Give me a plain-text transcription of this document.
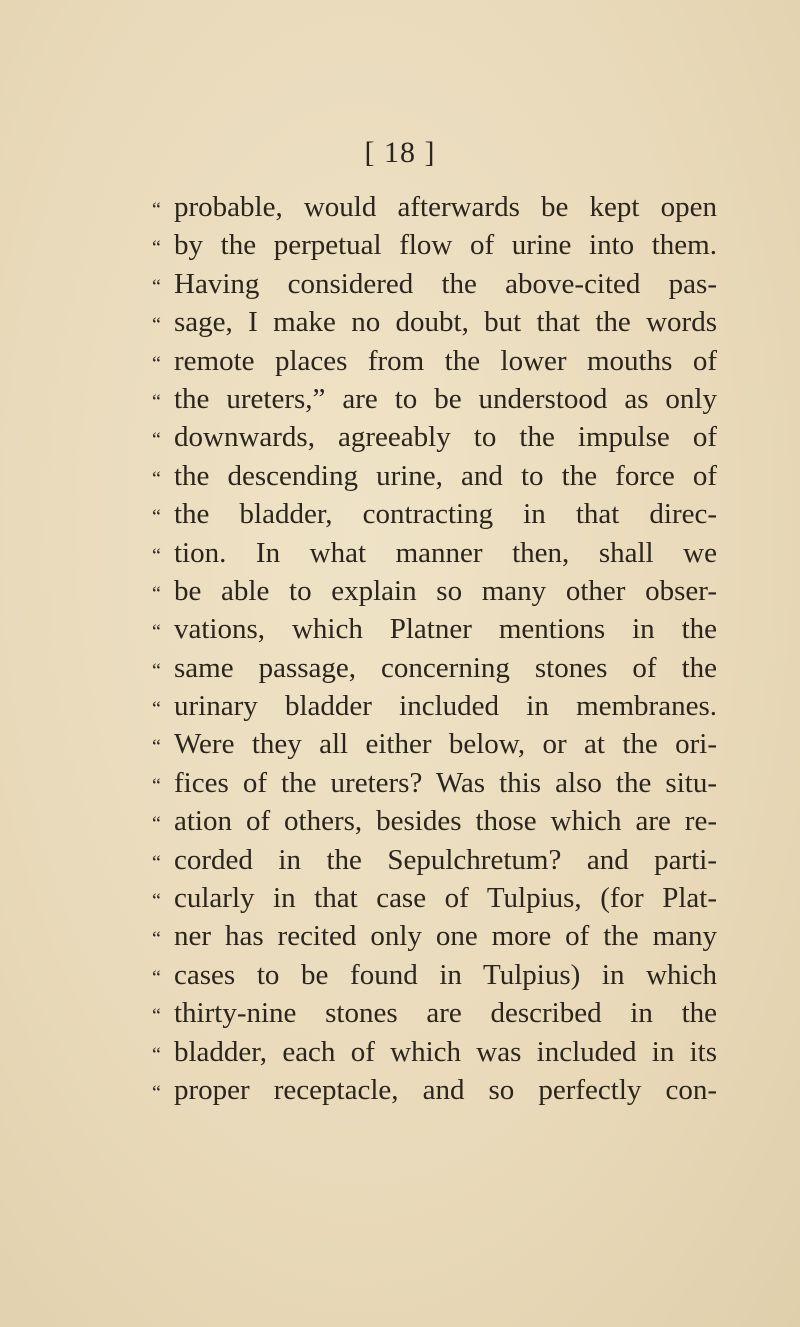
[ 18 ]
“ probable, would afterwards be kept open
“ by the perpetual flow of urine into them.
“ Having considered the above-cited pas-
“ sage, I make no doubt, but that the words
“ remote places from the lower mouths of
“ the ureters,” are to be understood as only
“ downwards, agreeably to the impulse of
“ the descending urine, and to the force of
“ the bladder, contracting in that direc-
“ tion. In what manner then, shall we
“ be able to explain so many other obser-
“ vations, which Platner mentions in the
“ same passage, concerning stones of the
“ urinary bladder included in membranes.
“ Were they all either below, or at the ori-
“ fices of the ureters? Was this also the situ-
“ ation of others, besides those which are re-
“ corded in the Sepulchretum? and parti-
“ cularly in that case of Tulpius, (for Plat-
“ ner has recited only one more of the many
“ cases to be found in Tulpius) in which
“ thirty-nine stones are described in the
“ bladder, each of which was included in its
“ proper receptacle, and so perfectly con-
